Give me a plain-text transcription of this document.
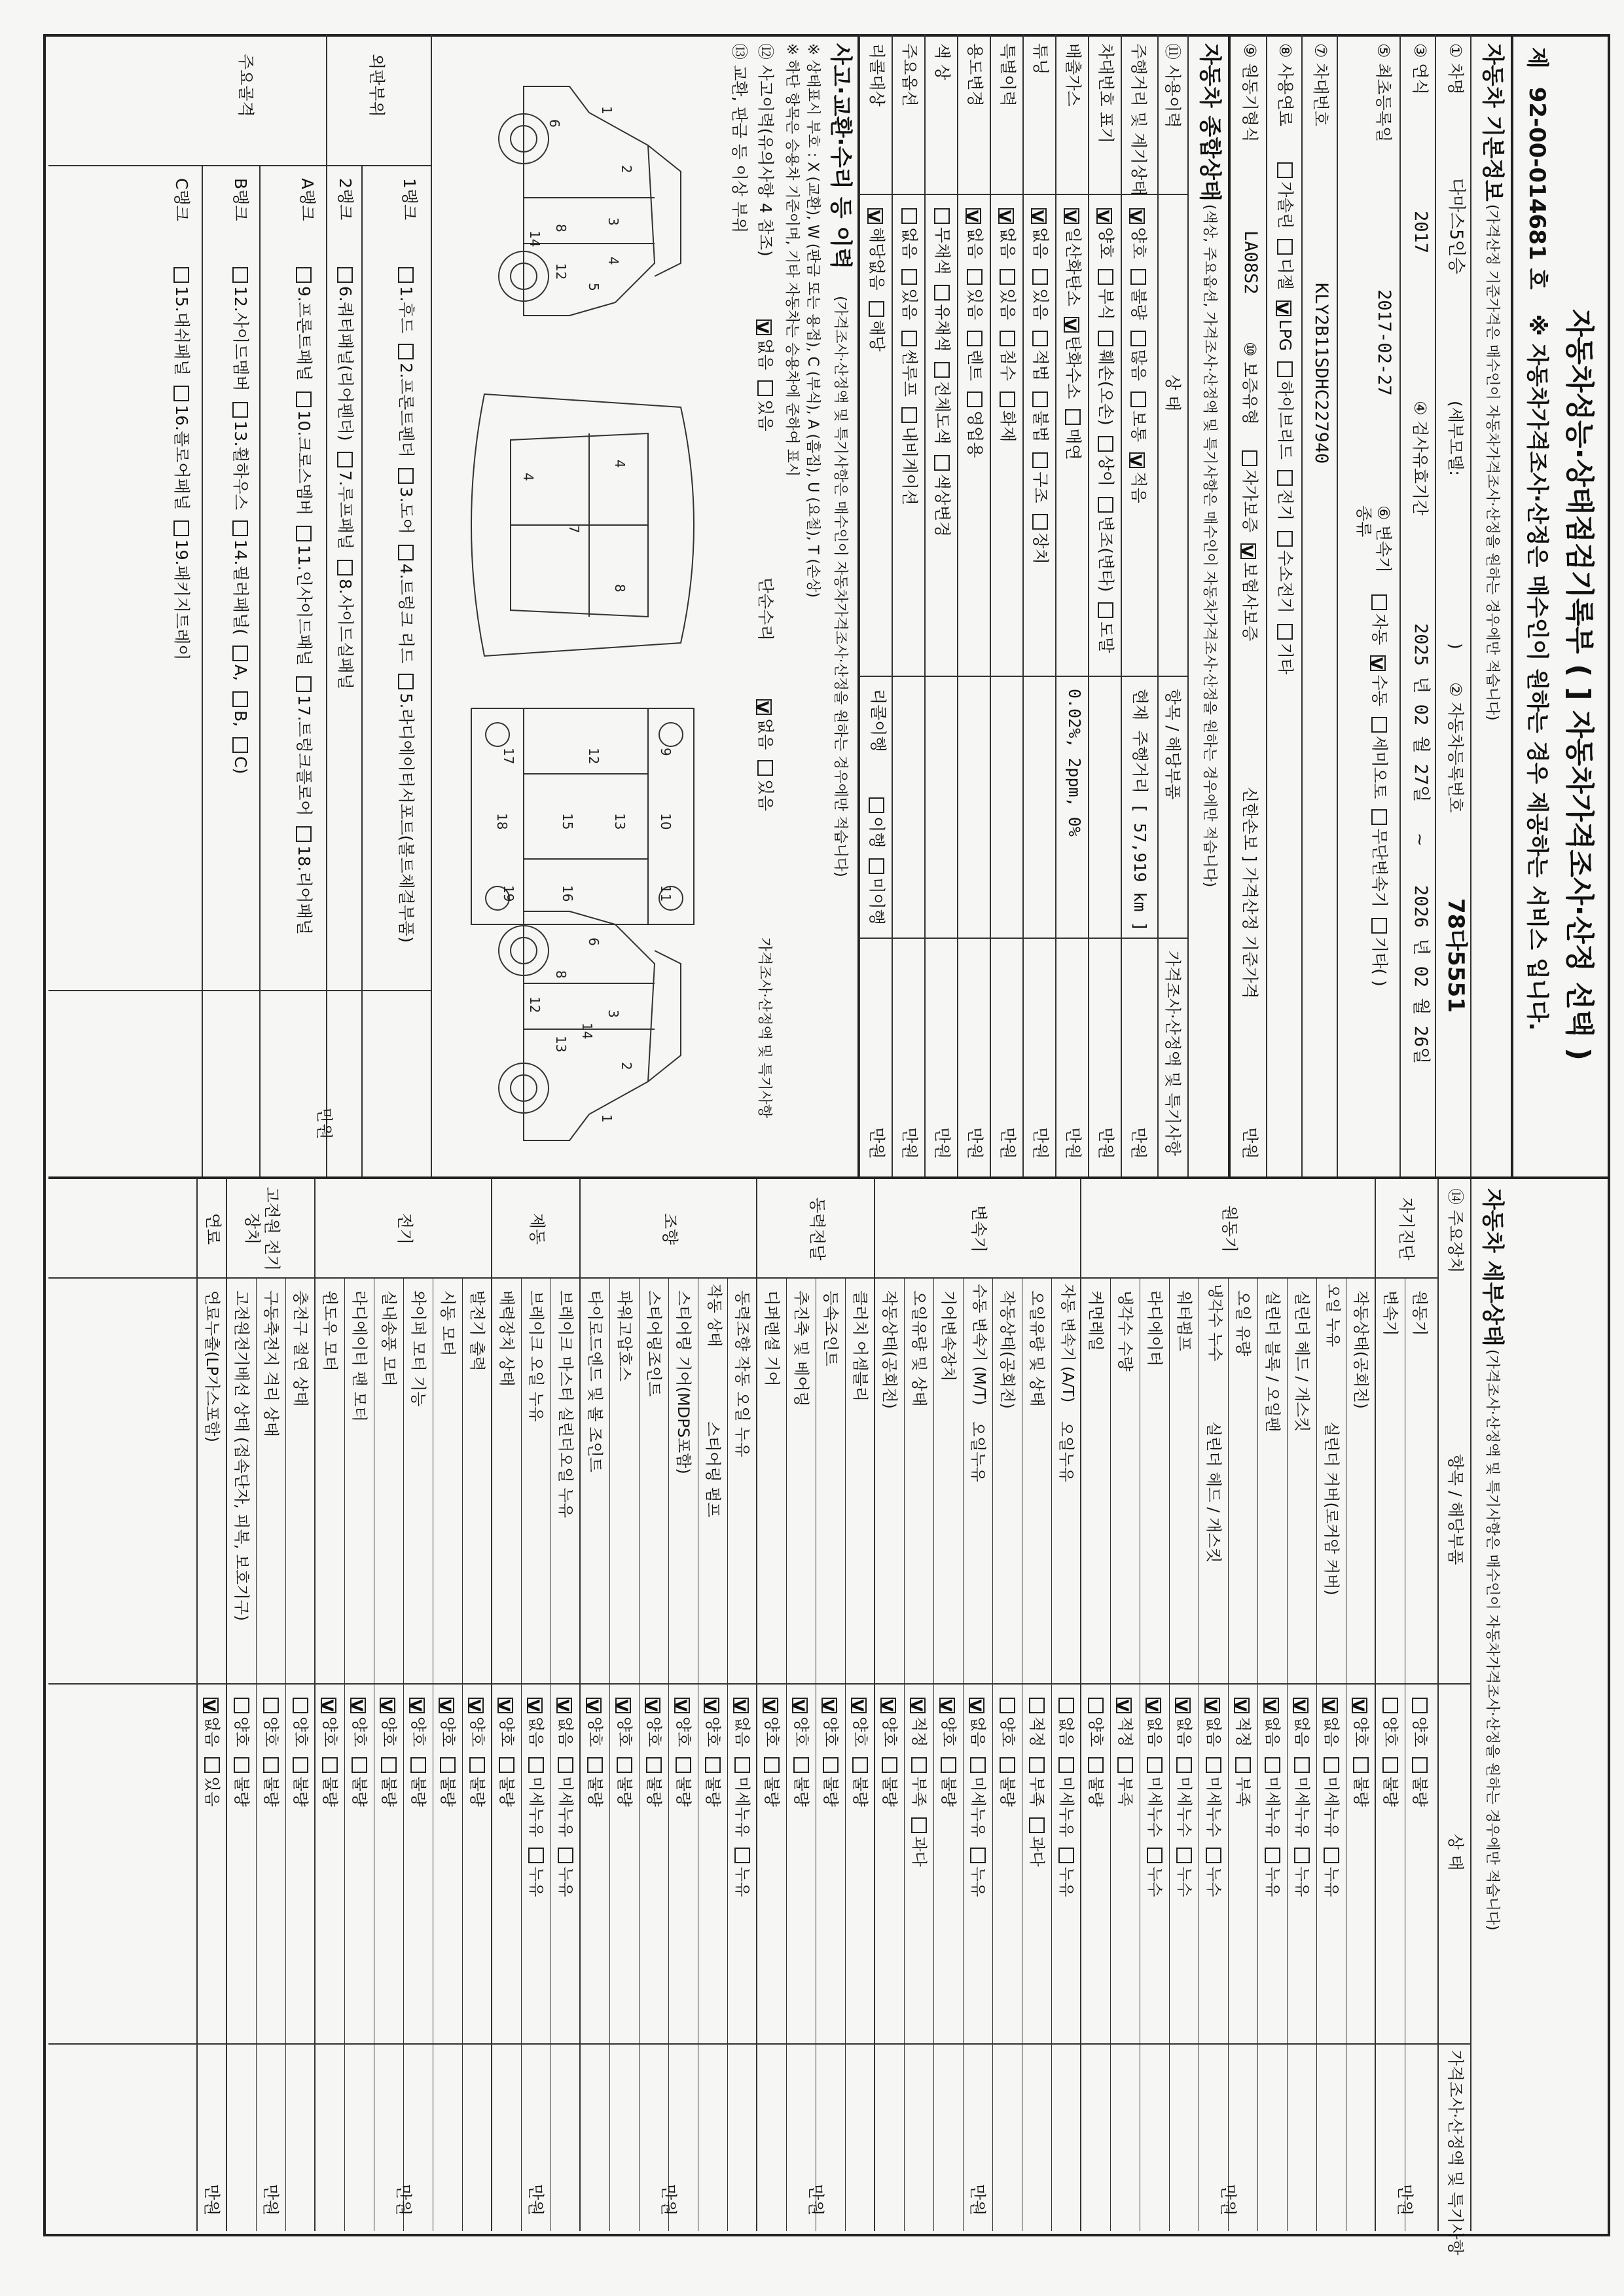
자동차성능·상태점검기록부 ( ] 자동차가격조사·산정 선택 )
제 92-00-014681 호 ※ 자동차가격조사·산정은 매수인이 원하는 경우 제공하는 서비스 입니다.
자동차 기본정보
(가격산정 기준가격은 매수인이 자동차가격조사·산정을 원하는 경우에만 적습니다)
① 차명
다마스5인승
(세부모델:
)
② 자동차등록번호
78다5551
③ 연식
2017
④ 검사유효기간
2025 년 02 월 27일
~
2026 년 02 월 26일
⑤ 최초등록일
2017-02-27
⑥ 변속기 종류
자동V수동세미오토무단변속기기타( )
⑦ 차대번호
KLY2B11SDHC227940
⑧ 사용연료
가솔린디젤VLPG하이브리드전기수소전기기타
⑨ 원동기형식
LA08S2
⑩ 보증유형
자가보증V보험사보증
신한손보 ] 가격산정 기준가격
만원
자동차 종합상태
(색상, 주요옵션, 가격조사·산정액 및 특기사항은 매수인이 자동차가격조사·산정을 원하는 경우에만 적습니다)
⑪ 사용이력
상 태
항목 / 해당부품
가격조사·산정액 및 특기사항
사고·교환·수리 등 이력
(가격조사·산정액 및 특기사항은 매수인이 자동차가격조사·산정을 원하는 경우에만 적습니다)
※ 상태표시 부호 : X (교환), W (판금 또는 용접), C (부식), A (흠집), U (요철), T (손상)
※ 하단 항목은 승용차 기준이며, 기타 자동차는 승용차에 준하여 표시
⑫ 사고이력(유의사항 4 참조)
V없음있음
단순수리
V없음있음
가격조사·산정액 및 특기사항
⑬ 교환, 판금 등 이상 부위
1
2
3
4
5
6
8
12
14
4
7
8
4
9
10
11
12
13
15
16
17
18
19
1
2
3
6
8
12
13
14
외판부위
1랭크
1.후드2.프론트펜더3.도어4.트렁크 리드5.라디에이터서포트(볼트체결부품)
2랭크
6.쿼터패널(리어펜더)7.루프패널8.사이드실패널
주요골격
A랭크
9.프론트패널10.크로스멤버11.인사이드패널17.트렁크플로어18.리어패널
B랭크
12.사이드멤버13.휠하우스14.필러패널(A,B,C)
C랭크
15.대쉬패널16.플로어패널19.패키지트레이
만원
주행거리 및 계기상태
V양호불량많음보통V적음
현재 주행거리 [ 57,919 km ]
만원
차대번호 표기
V양호부식훼손(오손)상이변조(변타)도말
만원
배출가스
V일산화탄소V탄화수소매연
0.02%, 2ppm, 0%
만원
튜닝
V없음있음적법불법구조장치
만원
특별이력
V없음있음침수화재
만원
용도변경
V없음있음렌트영업용
만원
색 상
무채색유채색전체도색색상변경
만원
주요옵션
없음있음썬루프내비게이션
만원
리콜대상
V해당없음해당
리콜이행
이행미이행
만원
자동차 세부상태
(가격조사·산정액 및 특기사항은 매수인이 자동차가격조사·산정을 원하는 경우에만 적습니다)
⑭ 주요장치
항목 / 해당부품
상 태
가격조사·산정액 및 특기사항
원동기
양호불량
변속기
양호불량
자기진단
만원
작동상태(공회전)
V양호불량
오일 누유
실린더 커버(로커암 커버)
V없음미세누유누유
실린더 헤드 / 개스킷
V없음미세누유누유
실린더 블록 / 오일팬
V없음미세누유누유
오일 유량
V적정부족
냉각수 누수
실린더 헤드 / 개스킷
V없음미세누수누수
워터펌프
V없음미세누수누수
라디에이터
V없음미세누수누수
냉각수 수량
V적정부족
커먼레일
양호불량
원동기
만원
자동 변속기 (A/T)
오일누유
없음미세누유누유
오일유량 및 상태
적정부족과다
작동상태(공회전)
양호불량
수동 변속기 (M/T)
오일누유
V없음미세누유누유
기어변속장치
V양호불량
오일유량 및 상태
V적정부족과다
작동상태(공회전)
V양호불량
변속기
만원
클러치 어셈블리
V양호불량
등속조인트
V양호불량
추진축 및 베어링
V양호불량
디퍼렌셜 기어
V양호불량
동력전달
만원
동력조향 작동 오일 누유
V없음미세누유누유
작동 상태
스티어링 펌프
V양호불량
스티어링 기어(MDPS포함)
V양호불량
스티어링조인트
V양호불량
파워고압호스
V양호불량
타이로드엔드 및 볼 조인트
V양호불량
조향
만원
브레이크 마스터 실린더오일 누유
V없음미세누유누유
브레이크 오일 누유
V없음미세누유누유
배력장치 상태
V양호불량
제동
만원
발전기 출력
V양호불량
시동 모터
V양호불량
와이퍼 모터 기능
V양호불량
실내송풍 모터
V양호불량
라디에이터 팬 모터
V양호불량
윈도우 모터
V양호불량
전기
만원
충전구 절연 상태
양호불량
구동축전지 격리 상태
양호불량
고전원전기배선 상태 (접속단자, 피복, 보호기구)
양호불량
고전원 전기장치
만원
연료누출(LP가스포함)
V없음있음
연료
만원
